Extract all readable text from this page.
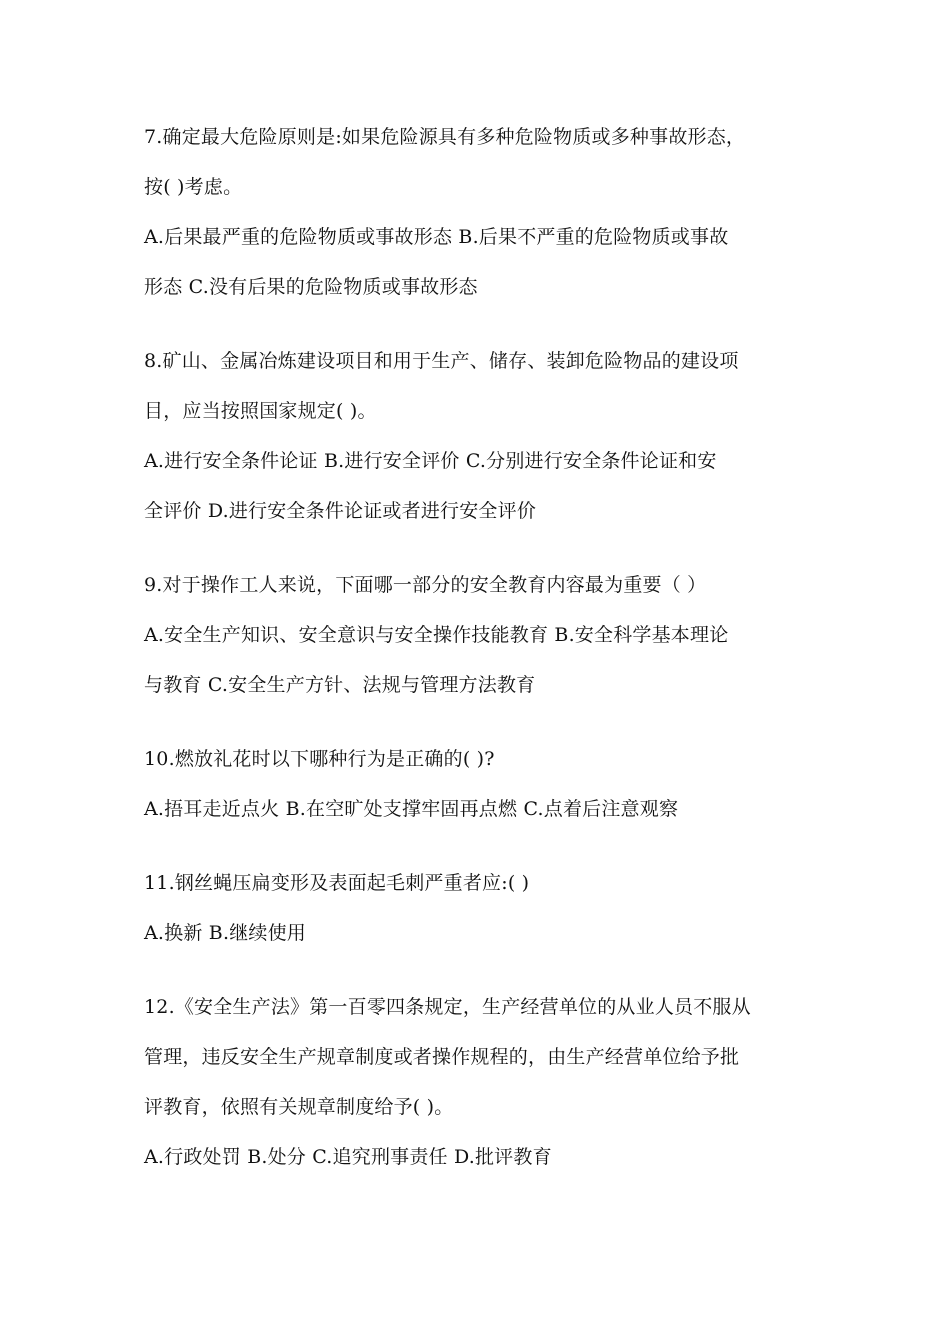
7.确定最大危险原则是:如果危险源具有多种危险物质或多种事故形态，
按( )考虑。
A.后果最严重的危险物质或事故形态 B.后果不严重的危险物质或事故
形态 C.没有后果的危险物质或事故形态
8.矿山、金属冶炼建设项目和用于生产、储存、装卸危险物品的建设项
目，应当按照国家规定( )。
A.进行安全条件论证 B.进行安全评价 C.分别进行安全条件论证和安
全评价 D.进行安全条件论证或者进行安全评价
9.对于操作工人来说，下面哪一部分的安全教育内容最为重要（ ）
A.安全生产知识、安全意识与安全操作技能教育 B.安全科学基本理论
与教育 C.安全生产方针、法规与管理方法教育
10.燃放礼花时以下哪种行为是正确的( )?
A.捂耳走近点火 B.在空旷处支撑牢固再点燃 C.点着后注意观察
11.钢丝蝇压扁变形及表面起毛刺严重者应:( )
A.换新 B.继续使用
12.《安全生产法》第一百零四条规定，生产经营单位的从业人员不服从
管理，违反安全生产规章制度或者操作规程的，由生产经营单位给予批
评教育，依照有关规章制度给予( )。
A.行政处罚 B.处分 C.追究刑事责任 D.批评教育
